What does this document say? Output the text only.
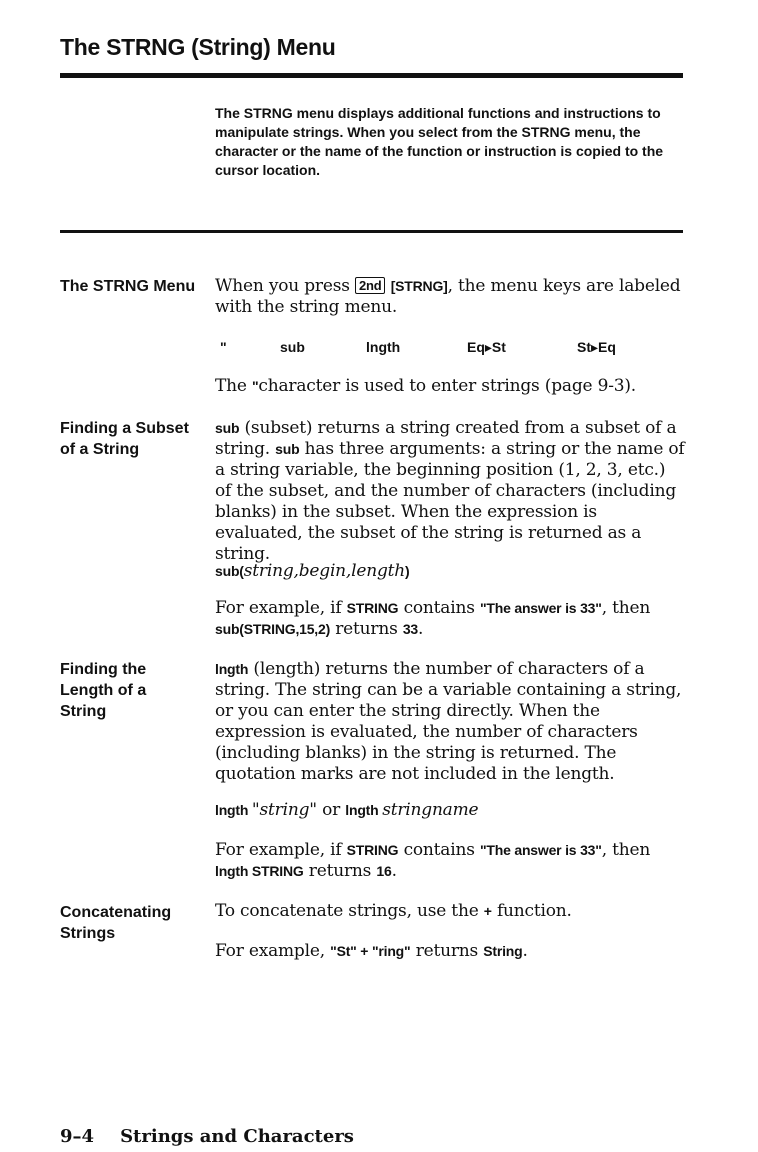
The STRNG (String) Menu
The STRNG menu displays additional functions and instructions to manipulate strings. When you select from the STRNG menu, the character or the name of the function or instruction is copied to the cursor location.
The STRNG Menu	When you press 2nd [STRNG], the menu keys are labeled with the string menu.
"	sub	lngth	Eq▸St	St▸Eq
The "character is used to enter strings (page 9-3).
Finding a Subset
of a String
sub (subset) returns a string created from a subset of a string. sub has three arguments: a string or the name of a string variable, the beginning position (1, 2, 3, etc.) of the subset, and the number of characters (including blanks) in the subset. When the expression is evaluated, the subset of the string is returned as a string.
sub(string,begin,length)
For example, if STRING contains "The answer is 33", then sub(STRING,15,2) returns 33.
Finding the
Length of a
String
lngth (length) returns the number of characters of a string. The string can be a variable containing a string, or you can enter the string directly. When the expression is evaluated, the number of characters (including blanks) in the string is returned. The quotation marks are not included in the length.
lngth "string" or lngth stringname
For example, if STRING contains "The answer is 33", then lngth STRING returns 16.
Concatenating
Strings
To concatenate strings, use the + function.
For example, "St" + "ring" returns String.
9–4 Strings and Characters
